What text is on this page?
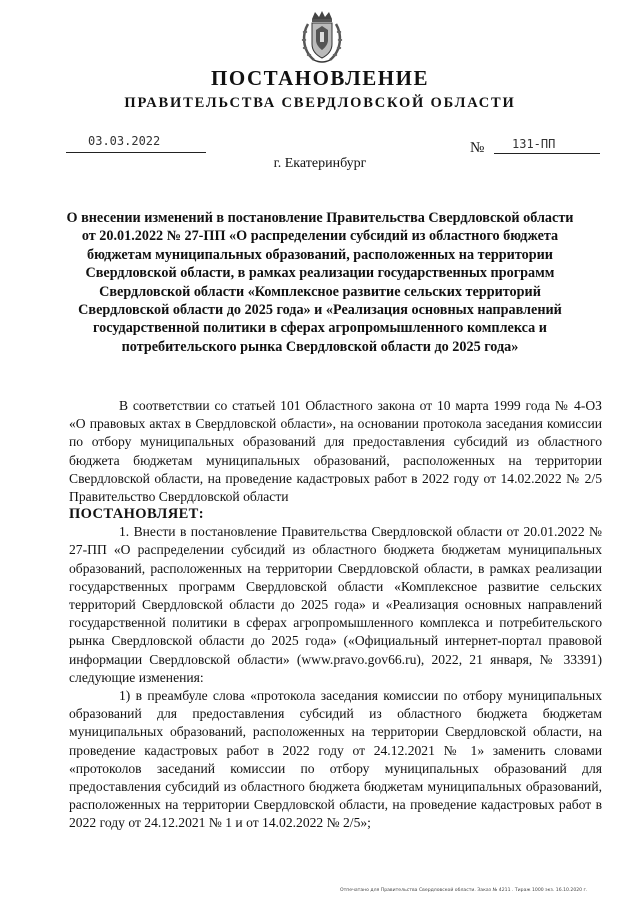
ПОСТАНОВЛЕНИЕ
ПРАВИТЕЛЬСТВА СВЕРДЛОВСКОЙ ОБЛАСТИ
03.03.2022	№ 131-ПП
г. Екатеринбург
О внесении изменений в постановление Правительства Свердловской области от 20.01.2022 № 27-ПП «О распределении субсидий из областного бюджета бюджетам муниципальных образований, расположенных на территории Свердловской области, в рамках реализации государственных программ Свердловской области «Комплексное развитие сельских территорий Свердловской области до 2025 года» и «Реализация основных направлений государственной политики в сферах агропромышленного комплекса и потребительского рынка Свердловской области до 2025 года»

В соответствии со статьей 101 Областного закона от 10 марта 1999 года № 4-ОЗ «О правовых актах в Свердловской области», на основании протокола заседания комиссии по отбору муниципальных образований для предоставления субсидий из областного бюджета бюджетам муниципальных образований, расположенных на территории Свердловской области, на проведение кадастровых работ в 2022 году от 14.02.2022 № 2/5 Правительство Свердловской области

ПОСТАНОВЛЯЕТ:

1. Внести в постановление Правительства Свердловской области от 20.01.2022 № 27-ПП «О распределении субсидий из областного бюджета бюджетам муниципальных образований, расположенных на территории Свердловской области, в рамках реализации государственных программ Свердловской области «Комплексное развитие сельских территорий Свердловской области до 2025 года» и «Реализация основных направлений государственной политики в сферах агропромышленного комплекса и потребительского рынка Свердловской области до 2025 года» («Официальный интернет-портал правовой информации Свердловской области» (www.pravo.gov66.ru), 2022, 21 января, № 33391) следующие изменения:

1) в преамбуле слова «протокола заседания комиссии по отбору муниципальных образований для предоставления субсидий из областного бюджета бюджетам муниципальных образований, расположенных на территории Свердловской области, на проведение кадастровых работ в 2022 году от 24.12.2021 № 1» заменить словами «протоколов заседаний комиссии по отбору муниципальных образований для предоставления субсидий из областного бюджета бюджетам муниципальных образований, расположенных на территории Свердловской области, на проведение кадастровых работ в 2022 году от 24.12.2021 № 1 и от 14.02.2022 № 2/5»;

Отпечатано для Правительства Свердловской области. Заказ № 4211 . Тираж 1000 экз. 16.10.2020 г.
